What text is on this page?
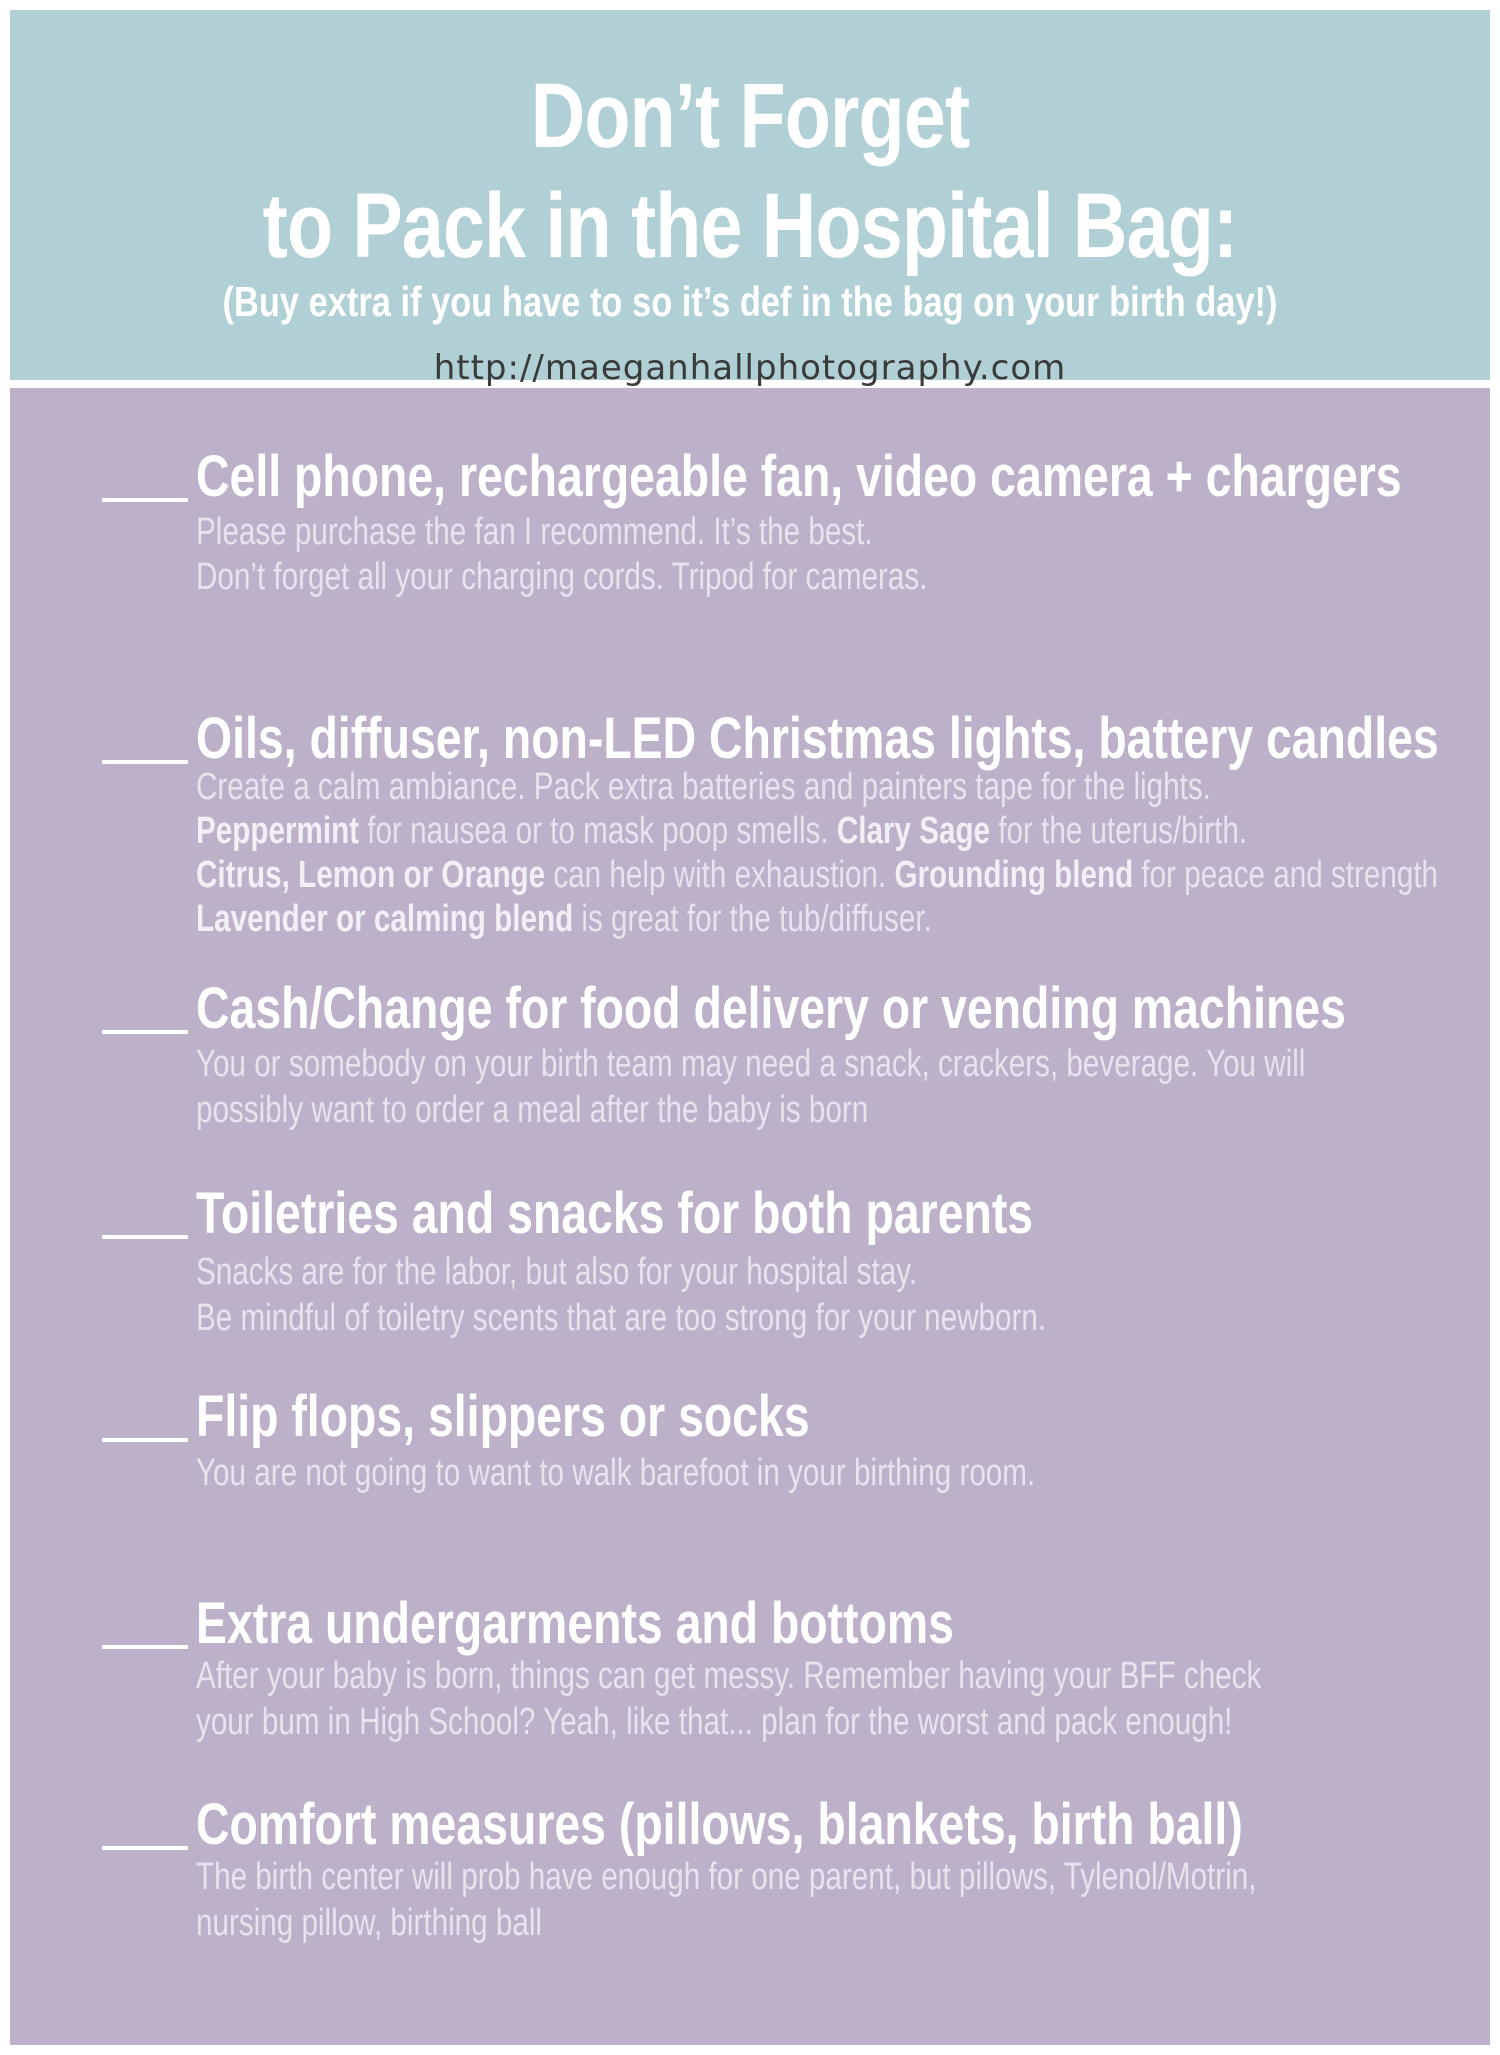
Don’t Forget
to Pack in the Hospital Bag:
(Buy extra if you have to so it’s def in the bag on your birth day!)
http://maeganhallphotography.com
Cell phone, rechargeable fan, video camera + chargers
Please purchase the fan I recommend. It’s the best.
Don’t forget all your charging cords. Tripod for cameras.
Oils, diffuser, non-LED Christmas lights, battery candles
Create a calm ambiance. Pack extra batteries and painters tape for the lights.
Peppermint for nausea or to mask poop smells. Clary Sage for the uterus/birth.
Citrus, Lemon or Orange can help with exhaustion. Grounding blend for peace and strength
Lavender or calming blend is great for the tub/diffuser.
Cash/Change for food delivery or vending machines
You or somebody on your birth team may need a snack, crackers, beverage. You will
possibly want to order a meal after the baby is born
Toiletries and snacks for both parents
Snacks are for the labor, but also for your hospital stay.
Be mindful of toiletry scents that are too strong for your newborn.
Flip flops, slippers or socks
You are not going to want to walk barefoot in your birthing room.
Extra undergarments and bottoms
After your baby is born, things can get messy. Remember having your BFF check
your bum in High School? Yeah, like that... plan for the worst and pack enough!
Comfort measures (pillows, blankets, birth ball)
The birth center will prob have enough for one parent, but pillows, Tylenol/Motrin,
nursing pillow, birthing ball
